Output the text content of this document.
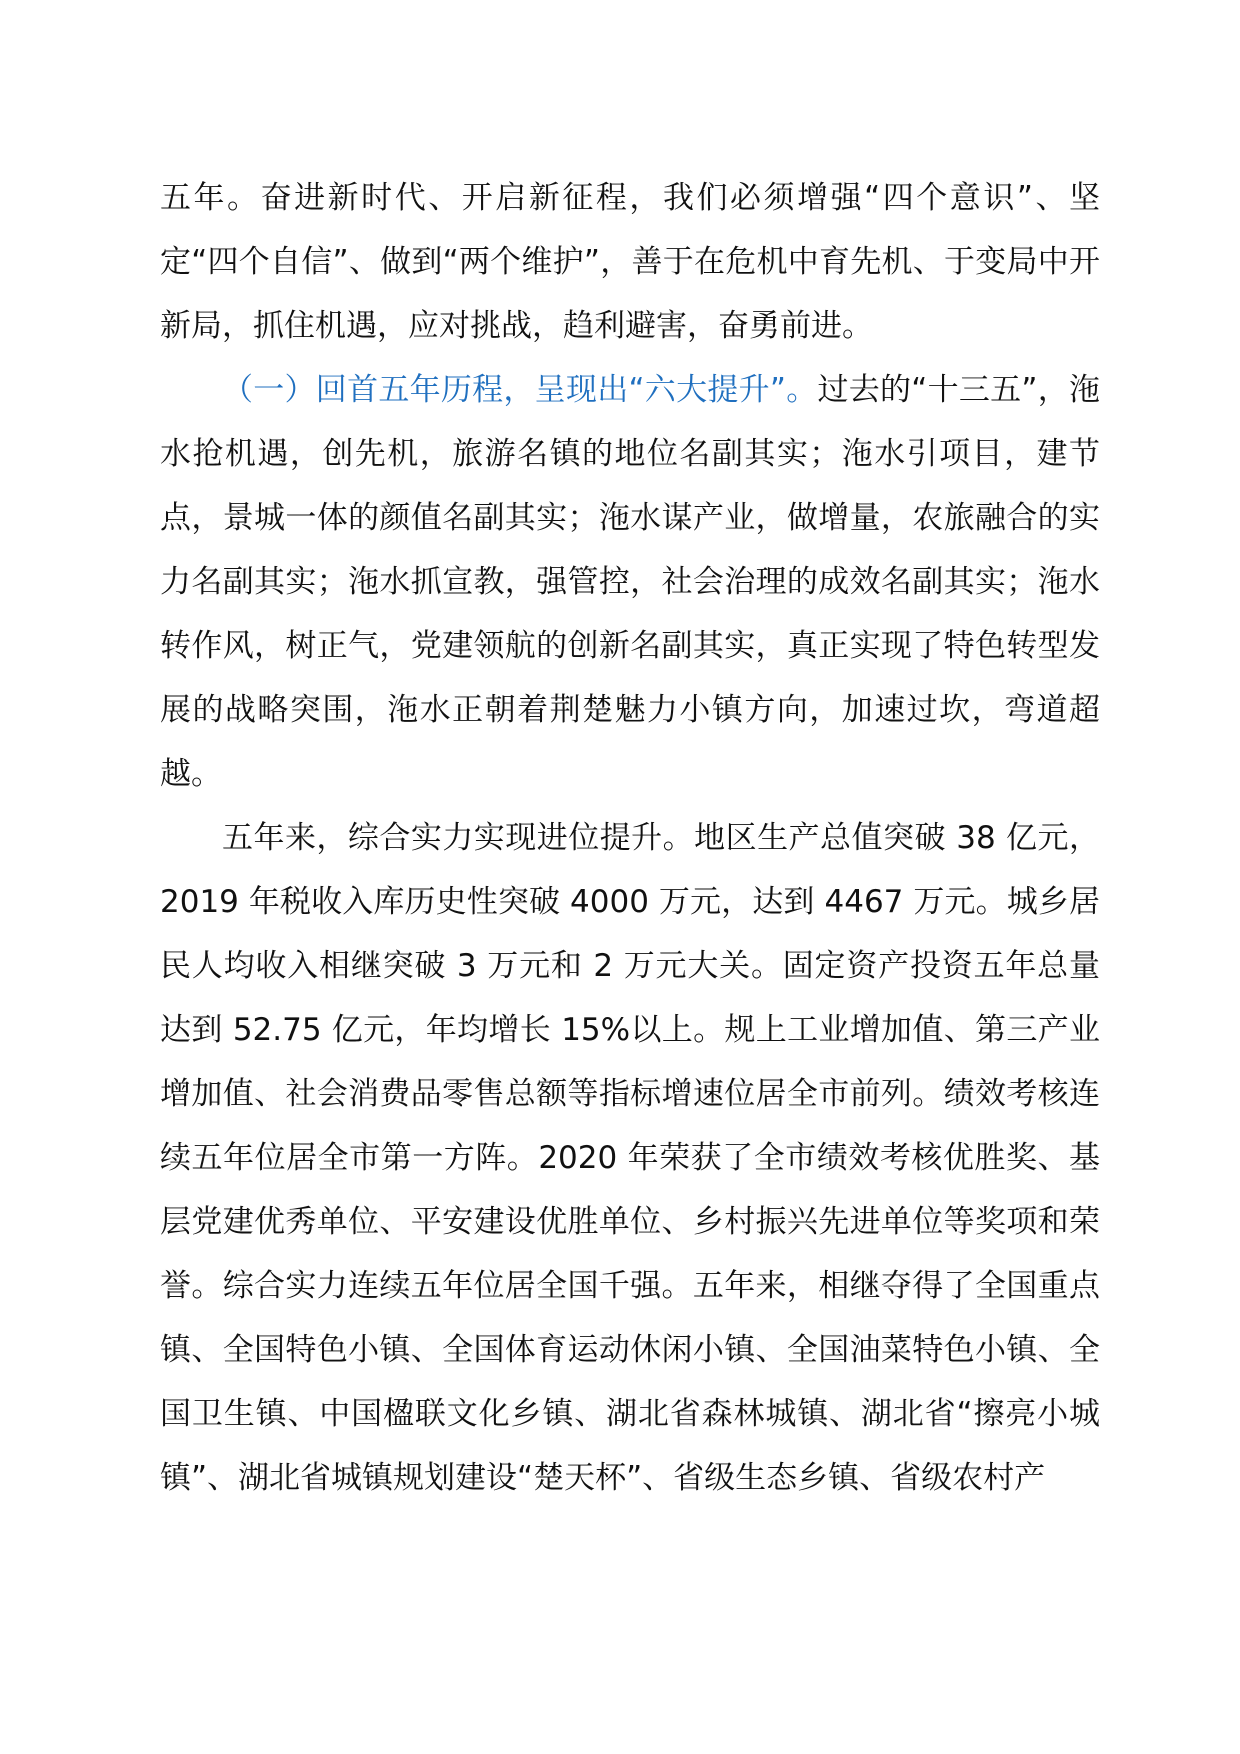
五年。奋进新时代、开启新征程，我们必须增强“四个意识”、坚定“四个自信”、做到“两个维护”，善于在危机中育先机、于变局中开新局，抓住机遇，应对挑战，趋利避害，奋勇前进。

（一）回首五年历程，呈现出“六大提升”。过去的“十三五”，沲水抢机遇，创先机，旅游名镇的地位名副其实；沲水引项目，建节点，景城一体的颜值名副其实；沲水谋产业，做增量，农旅融合的实力名副其实；沲水抓宣教，强管控，社会治理的成效名副其实；沲水转作风，树正气，党建领航的创新名副其实，真正实现了特色转型发展的战略突围，沲水正朝着荆楚魅力小镇方向，加速过坎，弯道超越。

五年来，综合实力实现进位提升。地区生产总值突破 38 亿元，2019 年税收入库历史性突破 4000 万元，达到 4467 万元。城乡居民人均收入相继突破 3 万元和 2 万元大关。固定资产投资五年总量达到 52.75 亿元，年均增长 15%以上。规上工业增加值、第三产业增加值、社会消费品零售总额等指标增速位居全市前列。绩效考核连续五年位居全市第一方阵。2020 年荣获了全市绩效考核优胜奖、基层党建优秀单位、平安建设优胜单位、乡村振兴先进单位等奖项和荣誉。综合实力连续五年位居全国千强。五年来，相继夺得了全国重点镇、全国特色小镇、全国体育运动休闲小镇、全国油菜特色小镇、全国卫生镇、中国楹联文化乡镇、湖北省森林城镇、湖北省“擦亮小城镇”、湖北省城镇规划建设“楚天杯”、省级生态乡镇、省级农村产
